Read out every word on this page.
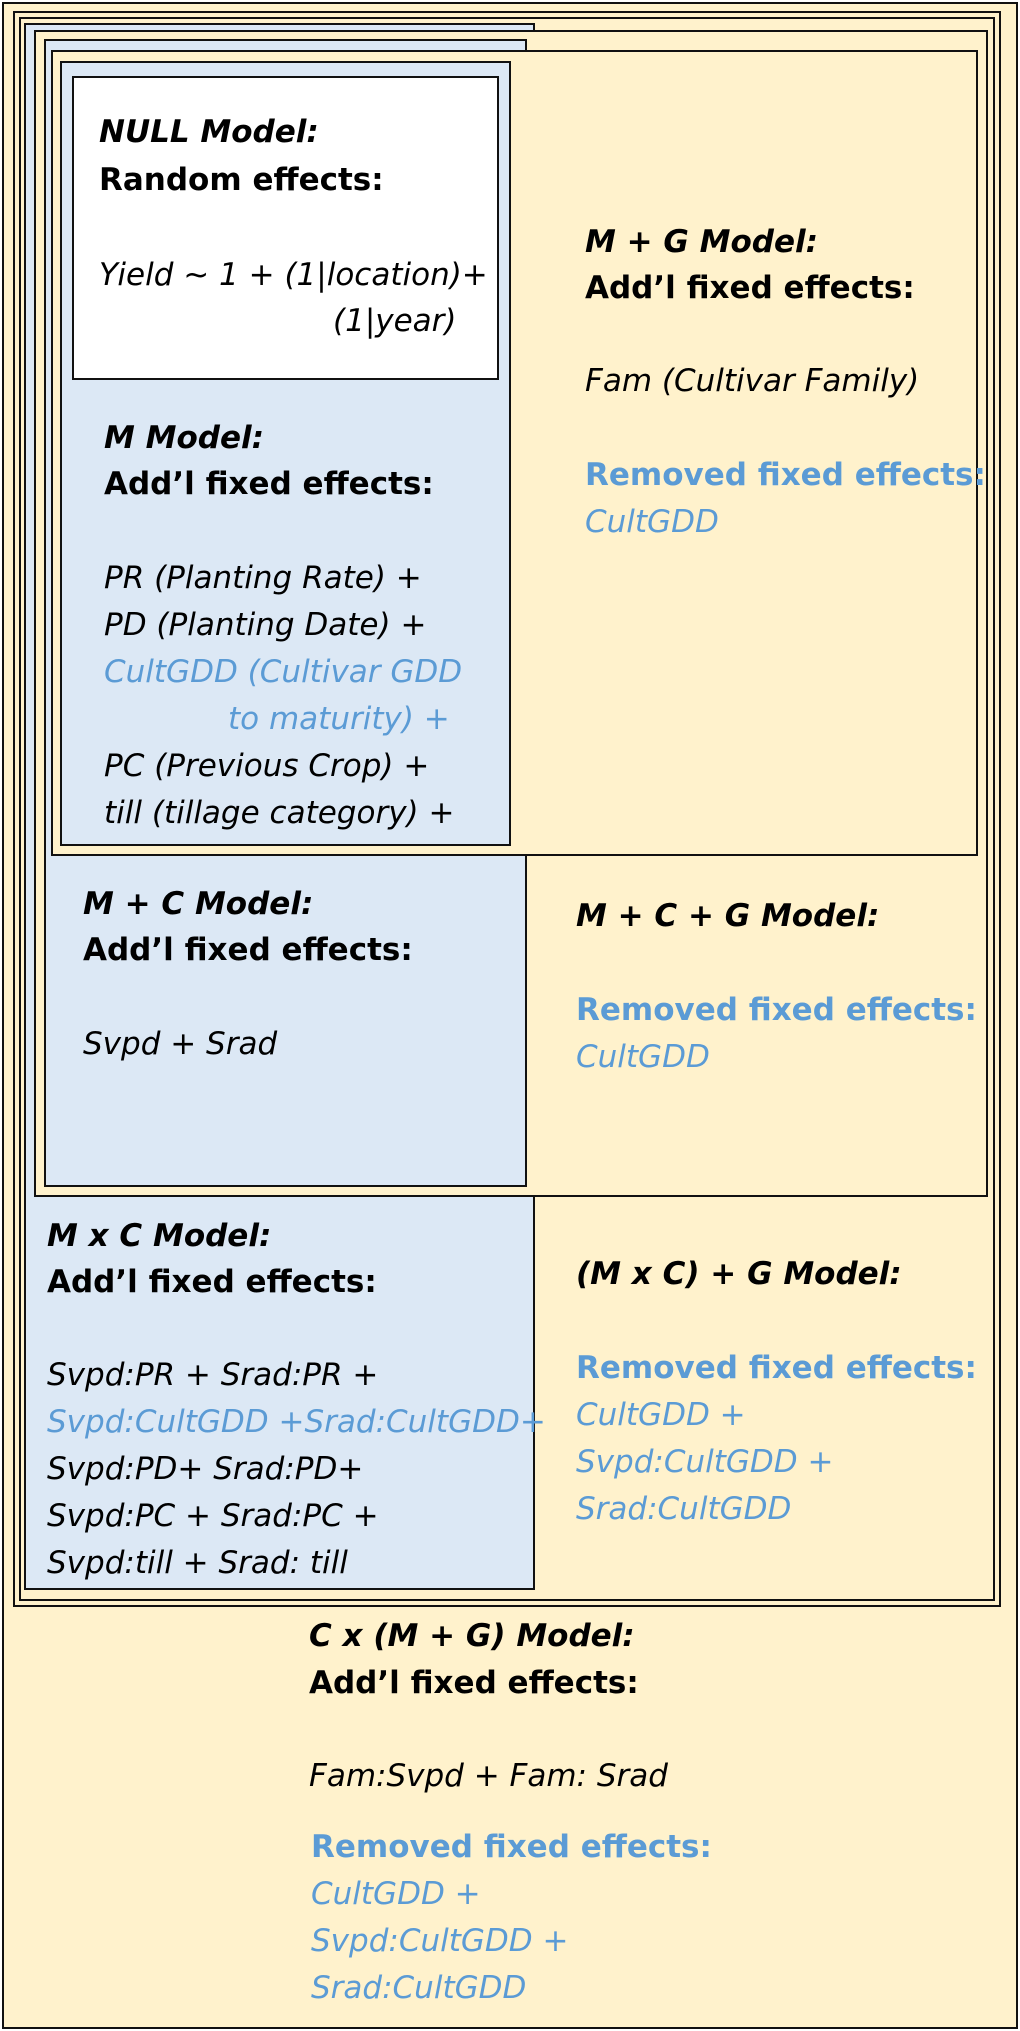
NULL Model:
Random effects:
Yield ~ 1 + (1|location)+
(1|year)
M Model:
Add’l fixed effects:
PR (Planting Rate) +
PD (Planting Date) +
CultGDD (Cultivar GDD
to maturity) +
PC (Previous Crop) +
till (tillage category) +
M + G Model:
Add’l fixed effects:
Fam (Cultivar Family)
Removed fixed effects:
CultGDD
M + C Model:
Add’l fixed effects:
Svpd + Srad
M + C + G Model:
Removed fixed effects:
CultGDD
M x C Model:
Add’l fixed effects:
Svpd:PR + Srad:PR +
Svpd:CultGDD +Srad:CultGDD+
Svpd:PD+ Srad:PD+
Svpd:PC + Srad:PC +
Svpd:till + Srad: till
(M x C) + G Model:
Removed fixed effects:
CultGDD +
Svpd:CultGDD +
Srad:CultGDD
C x (M + G) Model:
Add’l fixed effects:
Fam:Svpd + Fam: Srad
Removed fixed effects:
CultGDD +
Svpd:CultGDD +
Srad:CultGDD
